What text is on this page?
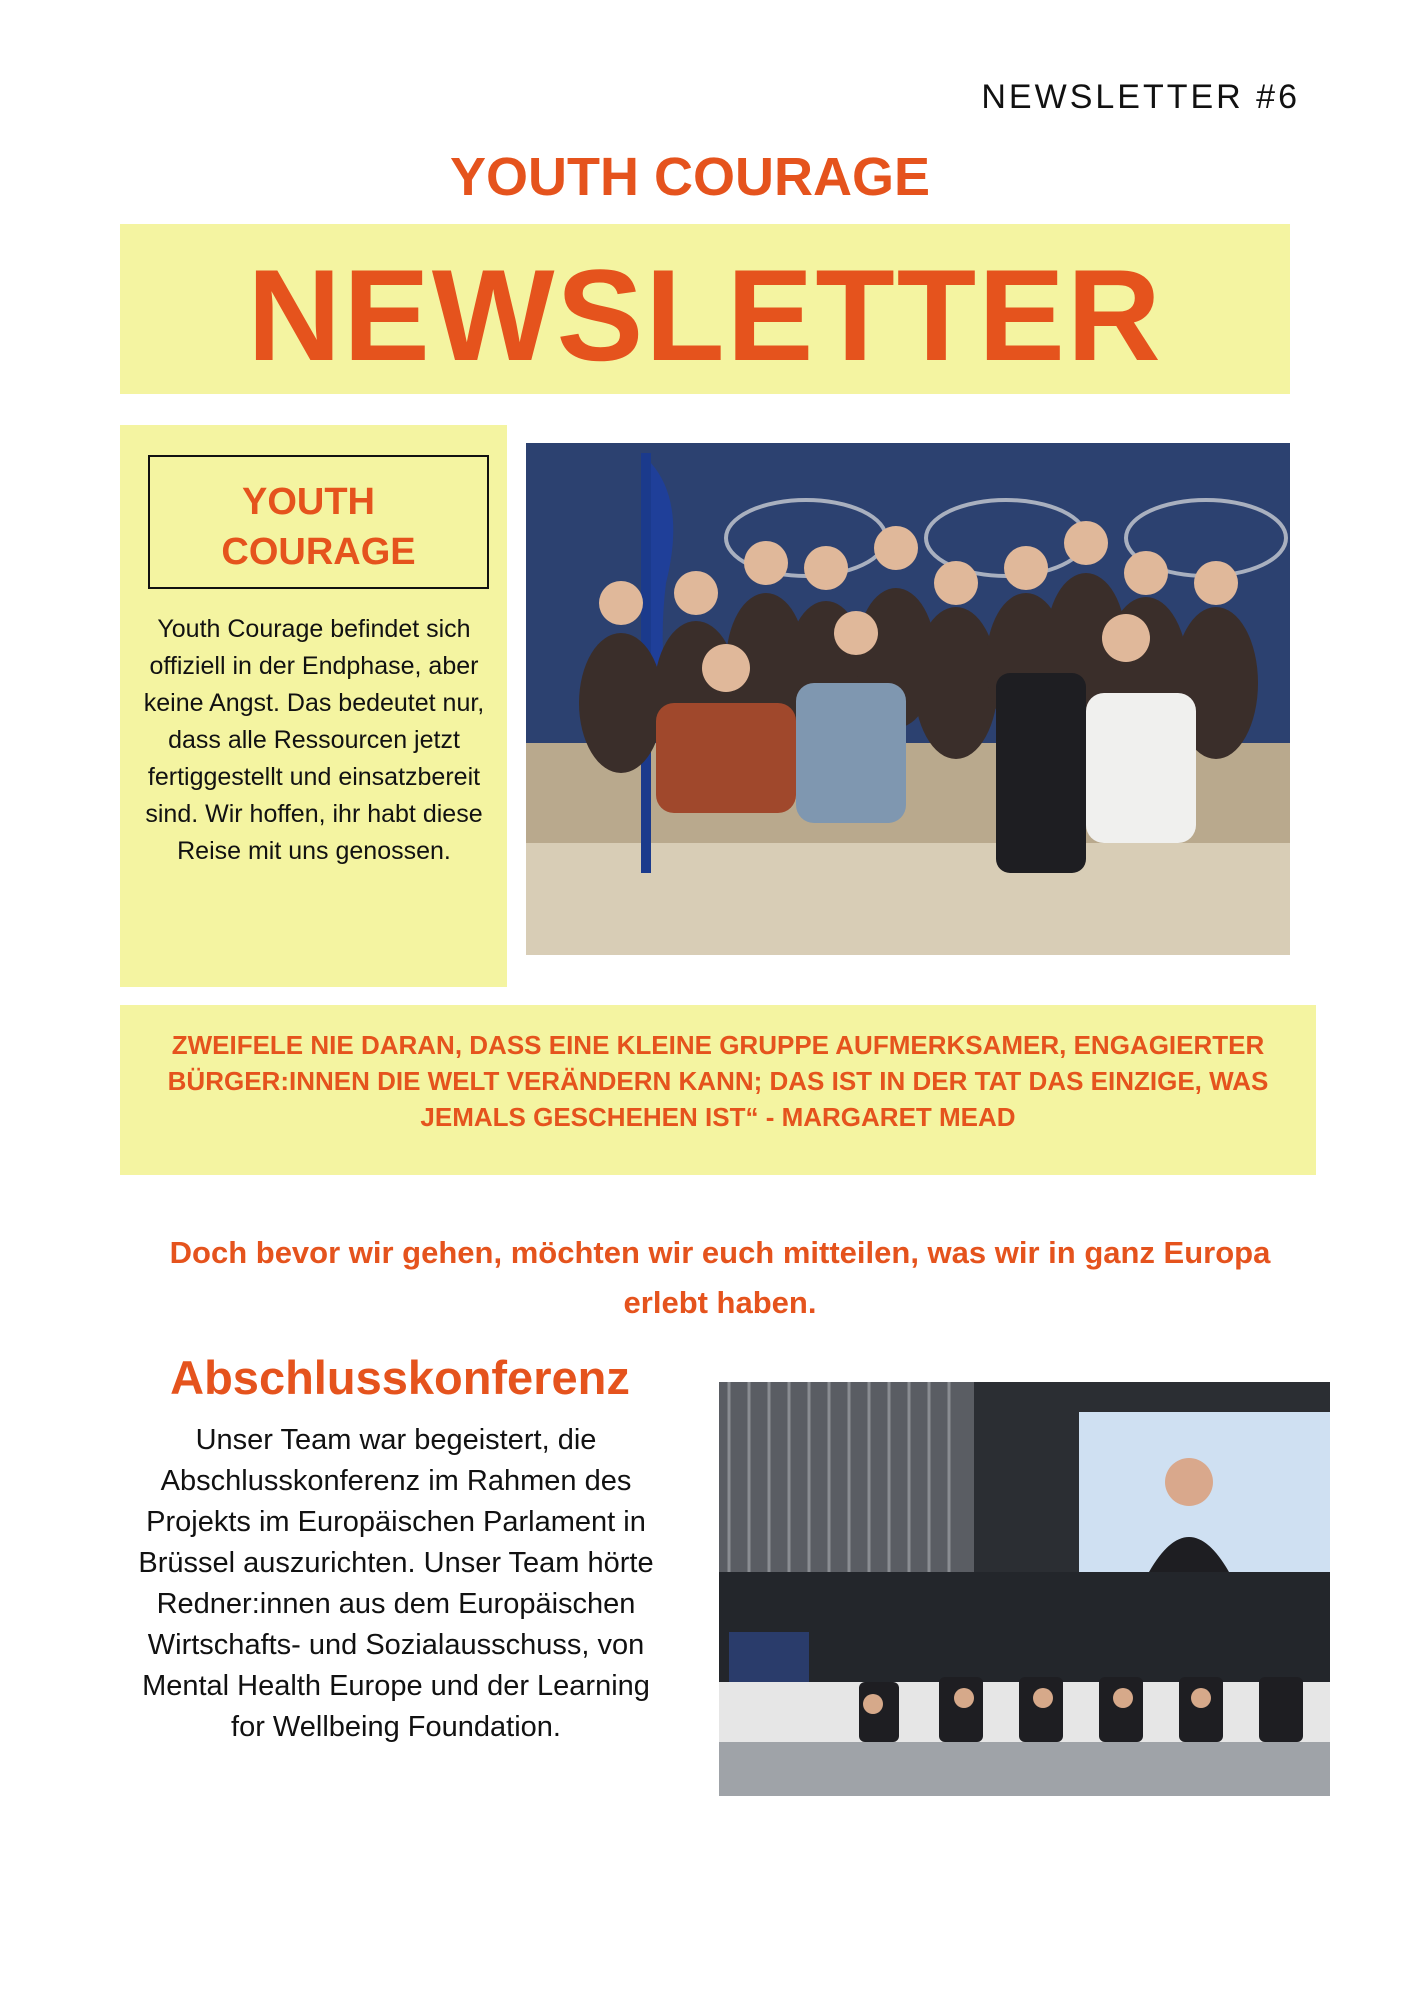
NEWSLETTER #6
YOUTH COURAGE
NEWSLETTER
YOUTH
COURAGE
Youth Courage befindet sich offiziell in der Endphase, aber keine Angst. Das bedeutet nur, dass alle Ressourcen jetzt fertiggestellt und einsatzbereit sind. Wir hoffen, ihr habt diese Reise mit uns genossen.
ZWEIFELE NIE DARAN, DASS EINE KLEINE GRUPPE AUFMERKSAMER, ENGAGIERTER BÜRGER:INNEN DIE WELT VERÄNDERN KANN; DAS IST IN DER TAT DAS EINZIGE, WAS JEMALS GESCHEHEN IST“ - MARGARET MEAD
Doch bevor wir gehen, möchten wir euch mitteilen, was wir in ganz Europa erlebt haben.
Abschlusskonferenz
Unser Team war begeistert, die Abschlusskonferenz im Rahmen des Projekts im Europäischen Parlament in Brüssel auszurichten. Unser Team hörte Redner:innen aus dem Europäischen Wirtschafts- und Sozialausschuss, von Mental Health Europe und der Learning for Wellbeing Foundation.
